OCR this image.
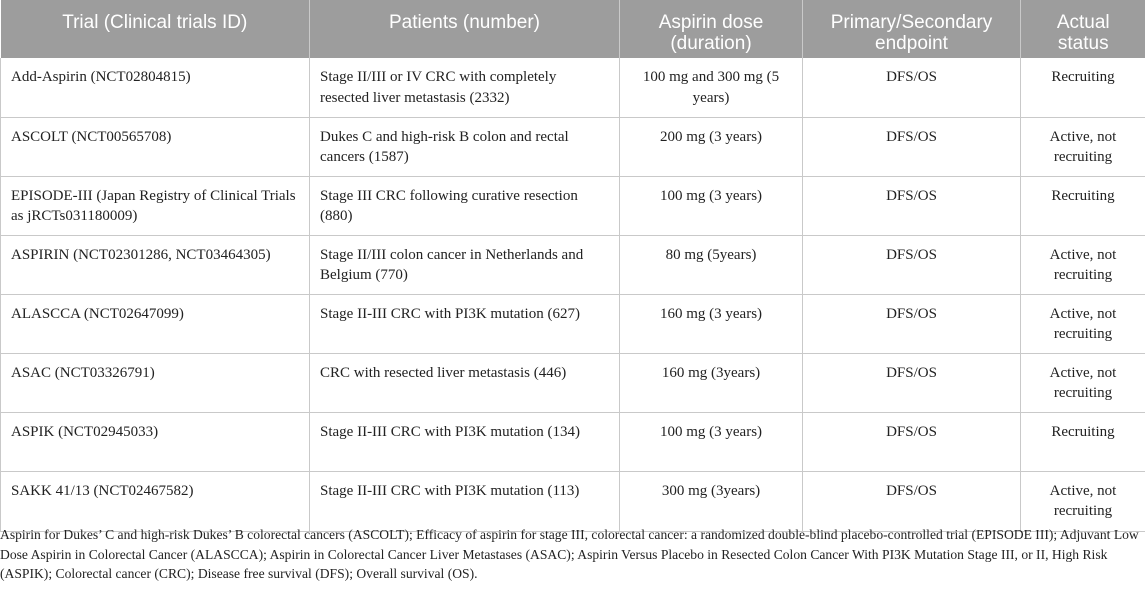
Trial (Clinical trials ID)	Patients (number)	Aspirin dose (duration)	Primary/Secondary endpoint	Actual status
Add-Aspirin (NCT02804815)	Stage II/III or IV CRC with completely resected liver metastasis (2332)	100 mg and 300 mg (5 years)	DFS/OS	Recruiting
ASCOLT (NCT00565708)	Dukes C and high-risk B colon and rectal cancers (1587)	200 mg (3 years)	DFS/OS	Active, not recruiting
EPISODE-III (Japan Registry of Clinical Trials as jRCTs031180009)	Stage III CRC following curative resection (880)	100 mg (3 years)	DFS/OS	Recruiting
ASPIRIN (NCT02301286, NCT03464305)	Stage II/III colon cancer in Netherlands and Belgium (770)	80 mg (5years)	DFS/OS	Active, not recruiting
ALASCCA (NCT02647099)	Stage II-III CRC with PI3K mutation (627)	160 mg (3 years)	DFS/OS	Active, not recruiting
ASAC (NCT03326791)	CRC with resected liver metastasis (446)	160 mg (3years)	DFS/OS	Active, not recruiting
ASPIK (NCT02945033)	Stage II-III CRC with PI3K mutation (134)	100 mg (3 years)	DFS/OS	Recruiting
SAKK 41/13 (NCT02467582)	Stage II-III CRC with PI3K mutation (113)	300 mg (3years)	DFS/OS	Active, not recruiting
Aspirin for Dukes’ C and high-risk Dukes’ B colorectal cancers (ASCOLT); Efficacy of aspirin for stage III, colorectal cancer: a randomized double-blind placebo-controlled trial (EPISODE III); Adjuvant Low Dose Aspirin in Colorectal Cancer (ALASCCA); Aspirin in Colorectal Cancer Liver Metastases (ASAC); Aspirin Versus Placebo in Resected Colon Cancer With PI3K Mutation Stage III, or II, High Risk (ASPIK); Colorectal cancer (CRC); Disease free survival (DFS); Overall survival (OS).
